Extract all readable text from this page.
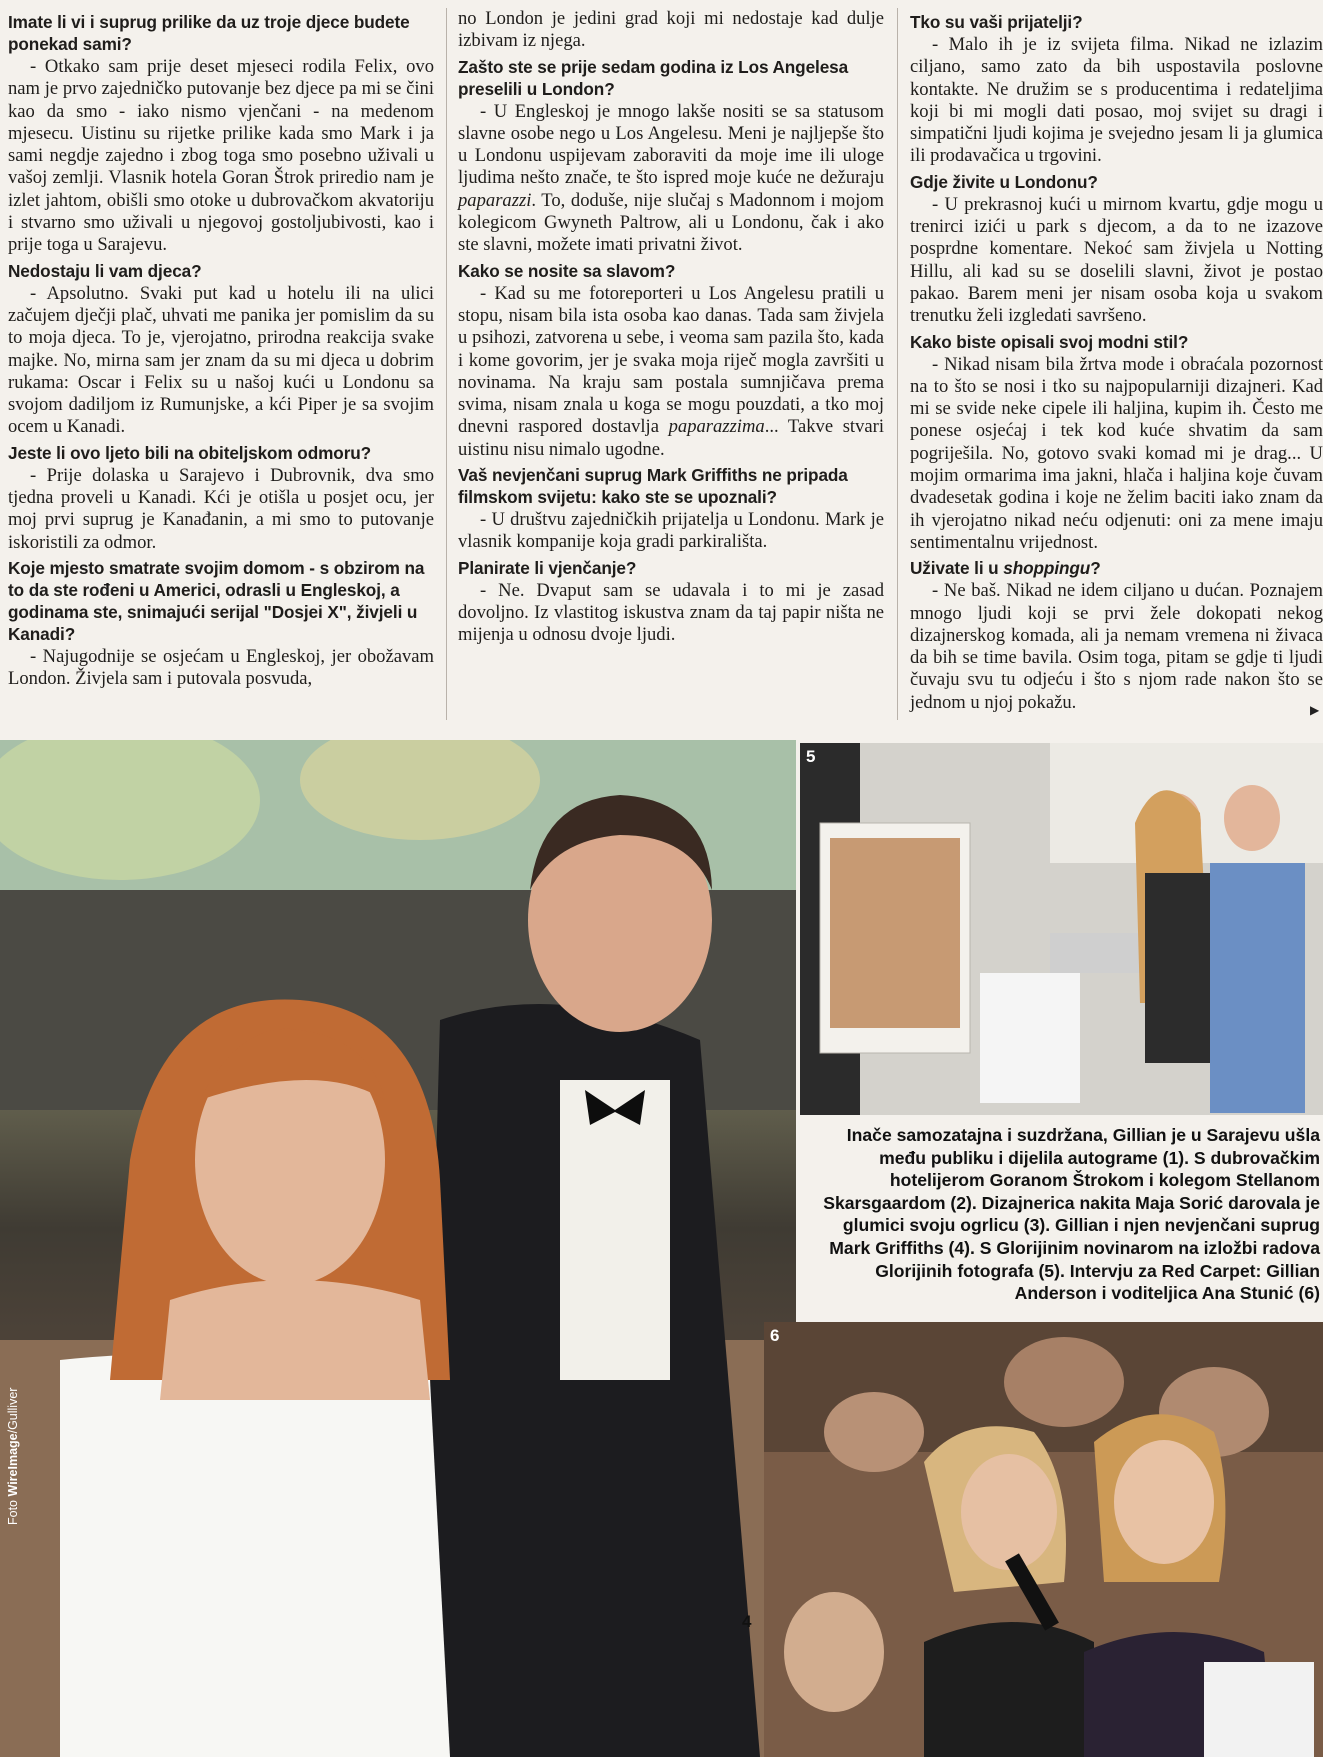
Imate li vi i suprug prilike da uz troje djece budete ponekad sami?

- Otkako sam prije deset mjeseci rodila Felix, ovo nam je prvo zajedničko putovanje bez djece pa mi se čini kao da smo - iako nismo vjenčani - na medenom mjesecu. Uistinu su rijetke prilike kada smo Mark i ja sami negdje zajedno i zbog toga smo posebno uživali u vašoj zemlji. Vlasnik hotela Goran Štrok priredio nam je izlet jahtom, obišli smo otoke u dubrovačkom akvatoriju i stvarno smo uživali u njegovoj gostoljubivosti, kao i prije toga u Sarajevu.

Nedostaju li vam djeca?

- Apsolutno. Svaki put kad u hotelu ili na ulici začujem dječji plač, uhvati me panika jer pomislim da su to moja djeca. To je, vjerojatno, prirodna reakcija svake majke. No, mirna sam jer znam da su mi djeca u dobrim rukama: Oscar i Felix su u našoj kući u Londonu sa svojom dadiljom iz Rumunjske, a kći Piper je sa svojim ocem u Kanadi.

Jeste li ovo ljeto bili na obiteljskom odmoru?

- Prije dolaska u Sarajevo i Dubrovnik, dva smo tjedna proveli u Kanadi. Kći je otišla u posjet ocu, jer moj prvi suprug je Kanađanin, a mi smo to putovanje iskoristili za odmor.

Koje mjesto smatrate svojim domom - s obzirom na to da ste rođeni u Americi, odrasli u Engleskoj, a godinama ste, snimajući serijal "Dosjei X", živjeli u Kanadi?

- Najugodnije se osjećam u Engleskoj, jer obožavam London. Živjela sam i putovala posvuda,

no London je jedini grad koji mi nedostaje kad dulje izbivam iz njega.

Zašto ste se prije sedam godina iz Los Angelesa preselili u London?

- U Engleskoj je mnogo lakše nositi se sa statusom slavne osobe nego u Los Angelesu. Meni je najljepše što u Londonu uspijevam zaboraviti da moje ime ili uloge ljudima nešto znače, te što ispred moje kuće ne dežuraju paparazzi. To, doduše, nije slučaj s Madonnom i mojom kolegicom Gwyneth Paltrow, ali u Londonu, čak i ako ste slavni, možete imati privatni život.

Kako se nosite sa slavom?

- Kad su me fotoreporteri u Los Angelesu pratili u stopu, nisam bila ista osoba kao danas. Tada sam živjela u psihozi, zatvorena u sebe, i veoma sam pazila što, kada i kome govorim, jer je svaka moja riječ mogla završiti u novinama. Na kraju sam postala sumnjičava prema svima, nisam znala u koga se mogu pouzdati, a tko moj dnevni raspored dostavlja paparazzima... Takve stvari uistinu nisu nimalo ugodne.

Vaš nevjenčani suprug Mark Griffiths ne pripada filmskom svijetu: kako ste se upoznali?

- U društvu zajedničkih prijatelja u Londonu. Mark je vlasnik kompanije koja gradi parkirališta.

Planirate li vjenčanje?

- Ne. Dvaput sam se udavala i to mi je zasad dovoljno. Iz vlastitog iskustva znam da taj papir ništa ne mijenja u odnosu dvoje ljudi.

Tko su vaši prijatelji?

- Malo ih je iz svijeta filma. Nikad ne izlazim ciljano, samo zato da bih uspostavila poslovne kontakte. Ne družim se s producentima i redateljima koji bi mi mogli dati posao, moj svijet su dragi i simpatični ljudi kojima je svejedno jesam li ja glumica ili prodavačica u trgovini.

Gdje živite u Londonu?

- U prekrasnoj kući u mirnom kvartu, gdje mogu u trenirci izići u park s djecom, a da to ne izazove posprdne komentare. Nekoć sam živjela u Notting Hillu, ali kad su se doselili slavni, život je postao pakao. Barem meni jer nisam osoba koja u svakom trenutku želi izgledati savršeno.

Kako biste opisali svoj modni stil?

- Nikad nisam bila žrtva mode i obraćala pozornost na to što se nosi i tko su najpopularniji dizajneri. Kad mi se svide neke cipele ili haljina, kupim ih. Često me ponese osjećaj i tek kod kuće shvatim da sam pogriješila. No, gotovo svaki komad mi je drag... U mojim ormarima ima jakni, hlača i haljina koje čuvam dvadesetak godina i koje ne želim baciti iako znam da ih vjerojatno nikad neću odjenuti: oni za mene imaju sentimentalnu vrijednost.

Uživate li u shoppingu?

- Ne baš. Nikad ne idem ciljano u dućan. Poznajem mnogo ljudi koji se prvi žele dokopati nekog dizajnerskog komada, ali ja nemam vremena ni živaca da bih se time bavila. Osim toga, pitam se gdje ti ljudi čuvaju svu tu odjeću i što s njom rade nakon što se jednom u njoj pokažu.	▶
4
Foto WireImage/Gulliver
5
Inače samozatajna i suzdržana, Gillian je u Sarajevu ušla među publiku i dijelila autograme (1). S dubrovačkim hotelijerom Goranom Štrokom i kolegom Stellanom Skarsgaardom (2). Dizajnerica nakita Maja Sorić darovala je glumici svoju ogrlicu (3). Gillian i njen nevjenčani suprug Mark Griffiths (4). S Glorijinim novinarom na izložbi radova Glorijinih fotografa (5). Intervju za Red Carpet: Gillian Anderson i voditeljica Ana Stunić (6)
6
